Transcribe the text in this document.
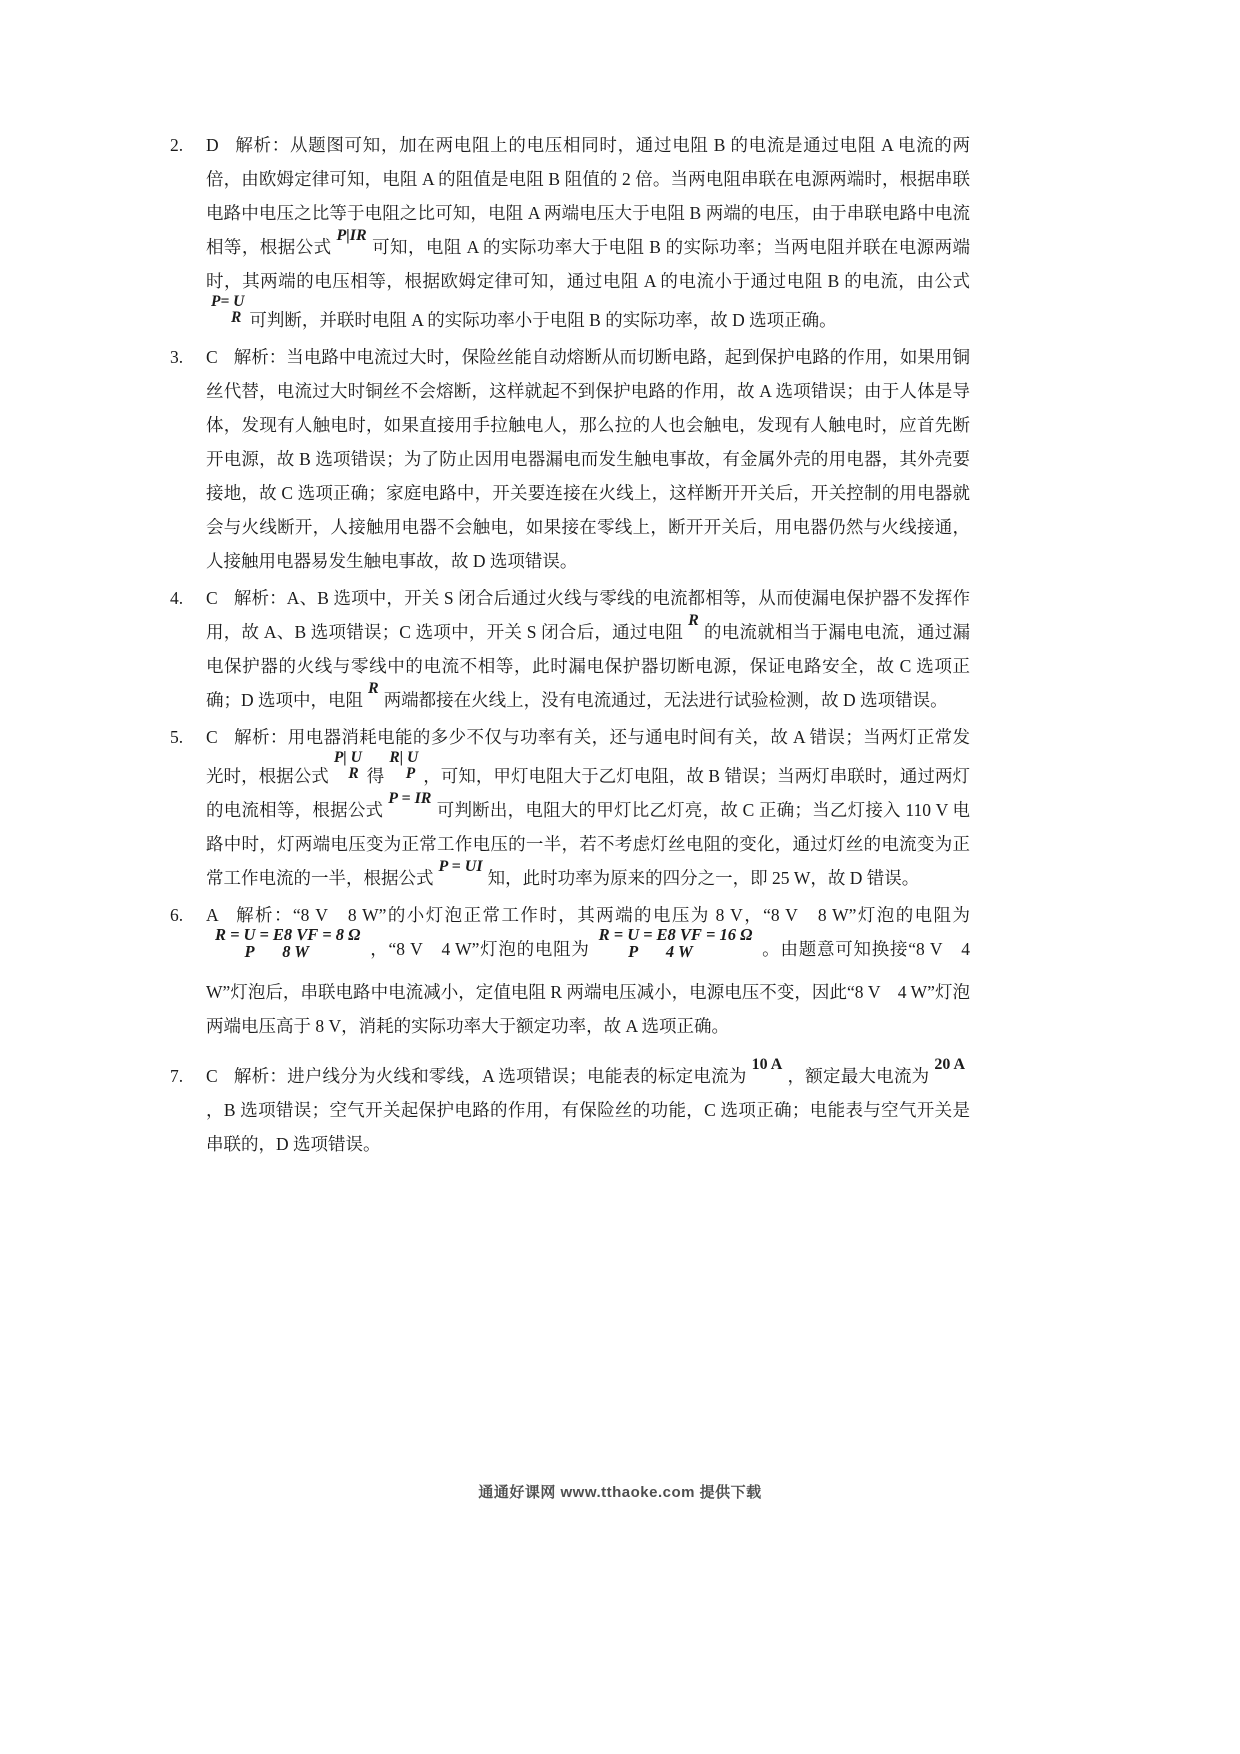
2. D 解析：从题图可知，加在两电阻上的电压相同时，通过电阻 B 的电流是通过电阻 A 电流的两倍，由欧姆定律可知，电阻 A 的阻值是电阻 B 阻值的 2 倍。当两电阻串联在电源两端时，根据串联电路中电压之比等于电阻之比可知，电阻 A 两端电压大于电阻 B 两端的电压，由于串联电路中电流相等，根据公式P|IR可知，电阻 A 的实际功率大于电阻 B 的实际功率；当两电阻并联在电源两端时，其两端的电压相等，根据欧姆定律可知，通过电阻 A 的电流小于通过电阻 B 的电流，由公式
P= U
R 可判断，并联时电阻 A 的实际功率小于电阻 B 的实际功率，故 D 选项正确。
3. C 解析：当电路中电流过大时，保险丝能自动熔断从而切断电路，起到保护电路的作用，如果用铜丝代替，电流过大时铜丝不会熔断，这样就起不到保护电路的作用，故 A 选项错误；由于人体是导体，发现有人触电时，如果直接用手拉触电人，那么拉的人也会触电，发现有人触电时，应首先断开电源，故 B 选项错误；为了防止因用电器漏电而发生触电事故，有金属外壳的用电器，其外壳要接地，故 C 选项正确；家庭电路中，开关要连接在火线上，这样断开开关后，开关控制的用电器就会与火线断开，人接触用电器不会触电，如果接在零线上，断开开关后，用电器仍然与火线接通，人接触用电器易发生触电事故，故 D 选项错误。
4. C 解析：A、B 选项中，开关 S 闭合后通过火线与零线的电流都相等，从而使漏电保护器不发挥作用，故 A、B 选项错误；C 选项中，开关 S 闭合后，通过电阻R的电流就相当于漏电电流，通过漏电保护器的火线与零线中的电流不相等，此时漏电保护器切断电源，保证电路安全，故 C 选项正确；D 选项中，电阻R两端都接在火线上，没有电流通过，无法进行试验检测，故 D 选项错误。
5. C 解析：用电器消耗电能的多少不仅与功率有关，还与通电时间有关，故 A 错误；当两灯正常发光时，根据公式
P| U
R 得
R| U
P ，可知，甲灯电阻大于乙灯电阻，故 B 错误；当两灯串联时，通过两灯的电流相等，根据公式P = IR可判断出，电阻大的甲灯比乙灯亮，故 C 正确；当乙灯接入 110 V 电路中时，灯两端电压变为正常工作电压的一半，若不考虑灯丝电阻的变化，通过灯丝的电流变为正常工作电流的一半，根据公式P = UI知，此时功率为原来的四分之一，即 25 W，故 D 错误。
6. A 解析：“8 V　8 W”的小灯泡正常工作时，其两端的电压为 8 V，“8 V　8 W”灯泡的电阻为
R = U
P
= E8 VF
8 W
= 8 Ω
，“8 V　4 W”灯泡的电阻为
R = U
P
= E8 VF
4 W
= 16 Ω
。由题意可知换接“8 V　4 W”灯泡后，串联电路中电流减小，定值电阻 R 两端电压减小，电源电压不变，因此“8 V　4 W”灯泡两端电压高于 8 V，消耗的实际功率大于额定功率，故 A 选项正确。
7. C 解析：进户线分为火线和零线，A 选项错误；电能表的标定电流为10 A，额定最大电流为20 A，B 选项错误；空气开关起保护电路的作用，有保险丝的功能，C 选项正确；电能表与空气开关是串联的，D 选项错误。
通通好课网 www.tthaoke.com 提供下载
